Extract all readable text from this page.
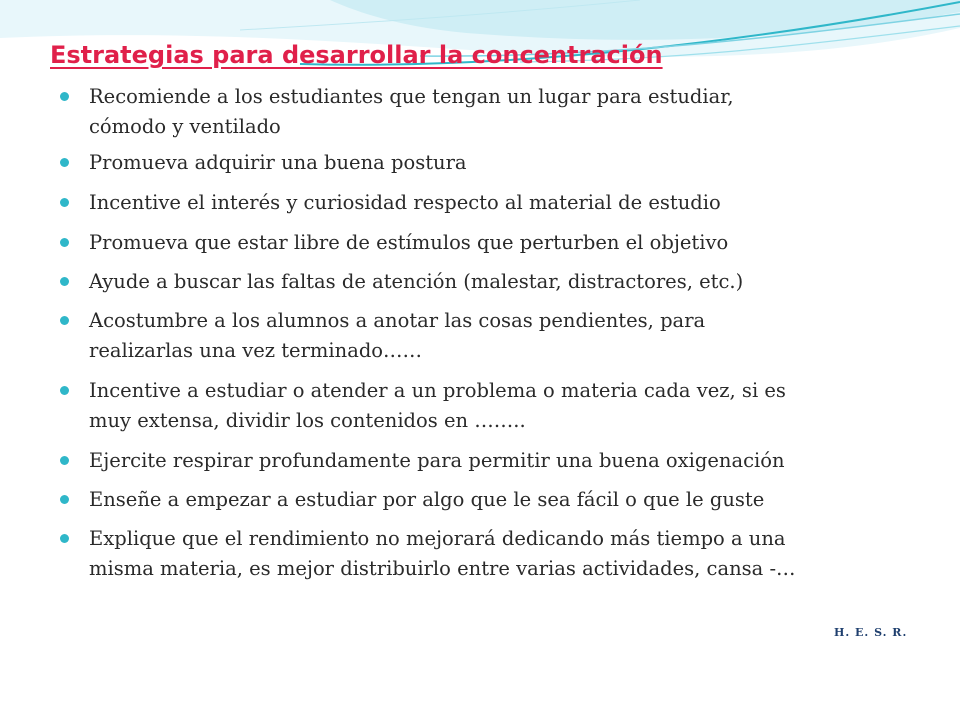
Estrategias para desarrollar la concentración
Recomiende a los estudiantes que tengan un lugar para estudiar,
cómodo y ventilado
Promueva adquirir una buena postura
Incentive el interés y curiosidad respecto al material de estudio
Promueva que estar libre de estímulos que perturben el objetivo
Ayude a buscar las faltas de atención (malestar, distractores, etc.)
Acostumbre a los alumnos a anotar las cosas pendientes, para
realizarlas una vez terminado……
Incentive a estudiar o atender a un problema o materia cada vez, si es
muy extensa, dividir los contenidos en ……..
Ejercite respirar profundamente para permitir una buena oxigenación
Enseñe a empezar a estudiar por algo que le sea fácil o que le guste
Explique que el rendimiento no mejorará dedicando más tiempo a una
misma materia, es mejor distribuirlo entre varias actividades, cansa -…
H. E. S. R.
